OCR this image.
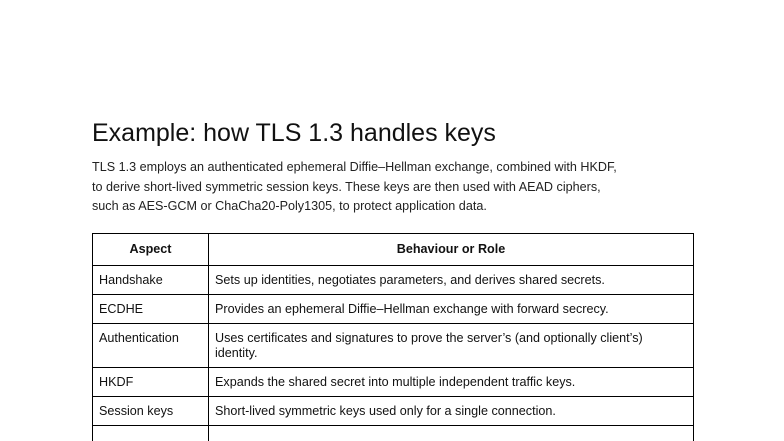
Example: how TLS 1.3 handles keys

TLS 1.3 employs an authenticated ephemeral Diffie–Hellman exchange, combined with HKDF,
to derive short-lived symmetric session keys. These keys are then used with AEAD ciphers,
such as AES-GCM or ChaCha20-Poly1305, to protect application data.

Aspect	Behaviour or Role
Handshake	Sets up identities, negotiates parameters, and derives shared secrets.
ECDHE	Provides an ephemeral Diffie–Hellman exchange with forward secrecy.
Authentication	Uses certificates and signatures to prove the server’s (and optionally client’s) identity.
HKDF	Expands the shared secret into multiple independent traffic keys.
Session keys	Short-lived symmetric keys used only for a single connection.
